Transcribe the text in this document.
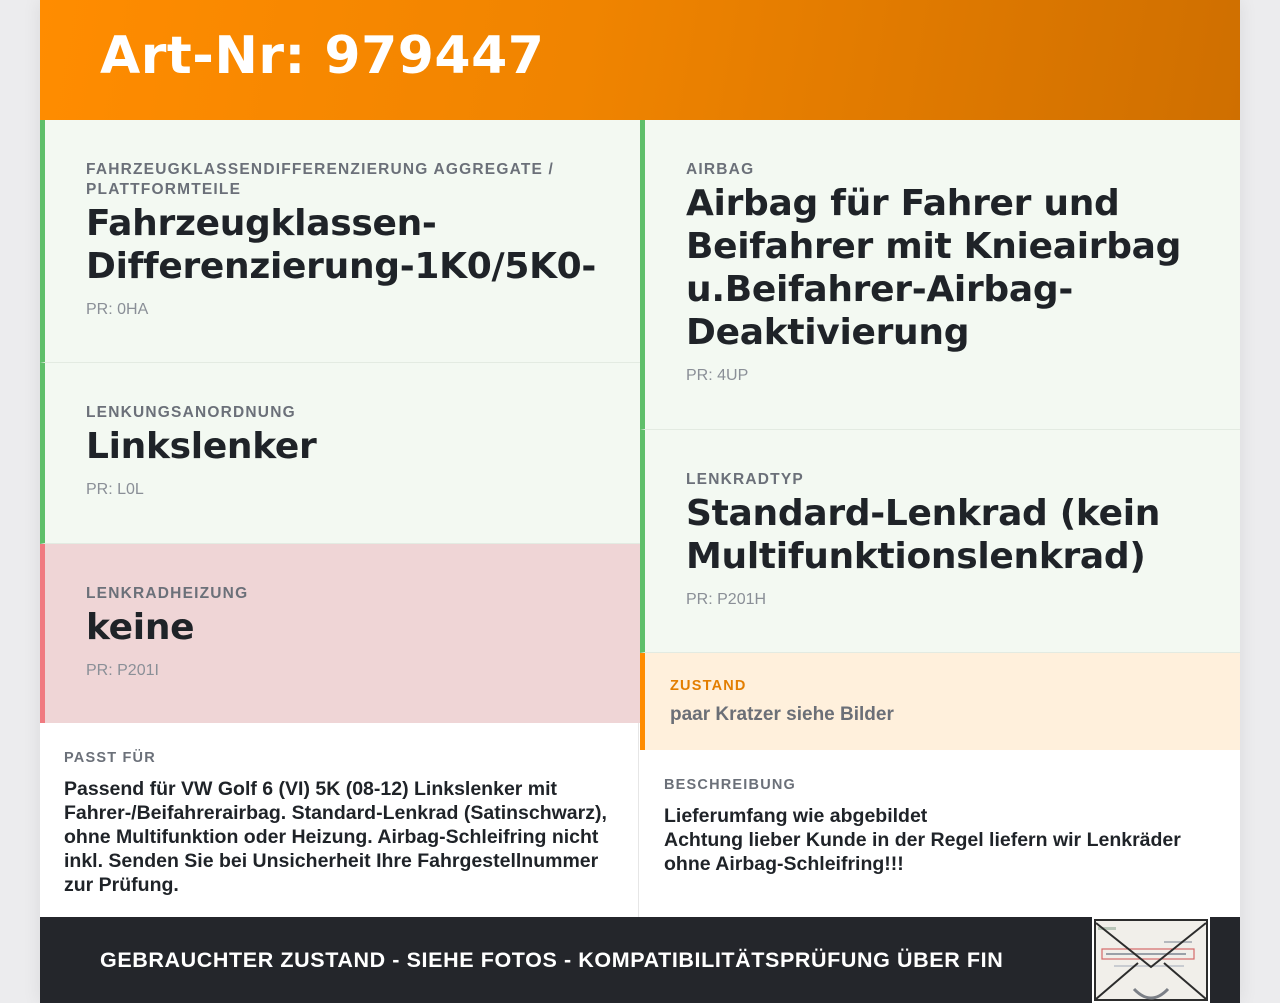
Art-Nr: 979447
FAHRZEUGKLASSENDIFFERENZIERUNG AGGREGATE / PLATTFORMTEILE
Fahrzeugklassen-Differenzierung-1K0/5K0-
PR: 0HA
LENKUNGSANORDNUNG
Linkslenker
PR: L0L
LENKRADHEIZUNG
keine
PR: P201I
PASST FÜR
Passend für VW Golf 6 (VI) 5K (08-12) Linkslenker mit Fahrer-/Beifahrerairbag. Standard-Lenkrad (Satinschwarz), ohne Multifunktion oder Heizung. Airbag-Schleifring nicht inkl. Senden Sie bei Unsicherheit Ihre Fahrgestellnummer zur Prüfung.
AIRBAG
Airbag für Fahrer und Beifahrer mit Knieairbag u.Beifahrer-Airbag-Deaktivierung
PR: 4UP
LENKRADTYP
Standard-Lenkrad (kein Multifunktionslenkrad)
PR: P201H
ZUSTAND
paar Kratzer siehe Bilder
BESCHREIBUNG
Lieferumfang wie abgebildet
Achtung lieber Kunde in der Regel liefern wir Lenkräder ohne Airbag-Schleifring!!!
GEBRAUCHTER ZUSTAND - SIEHE FOTOS - KOMPATIBILITÄTSPRÜFUNG ÜBER FIN
